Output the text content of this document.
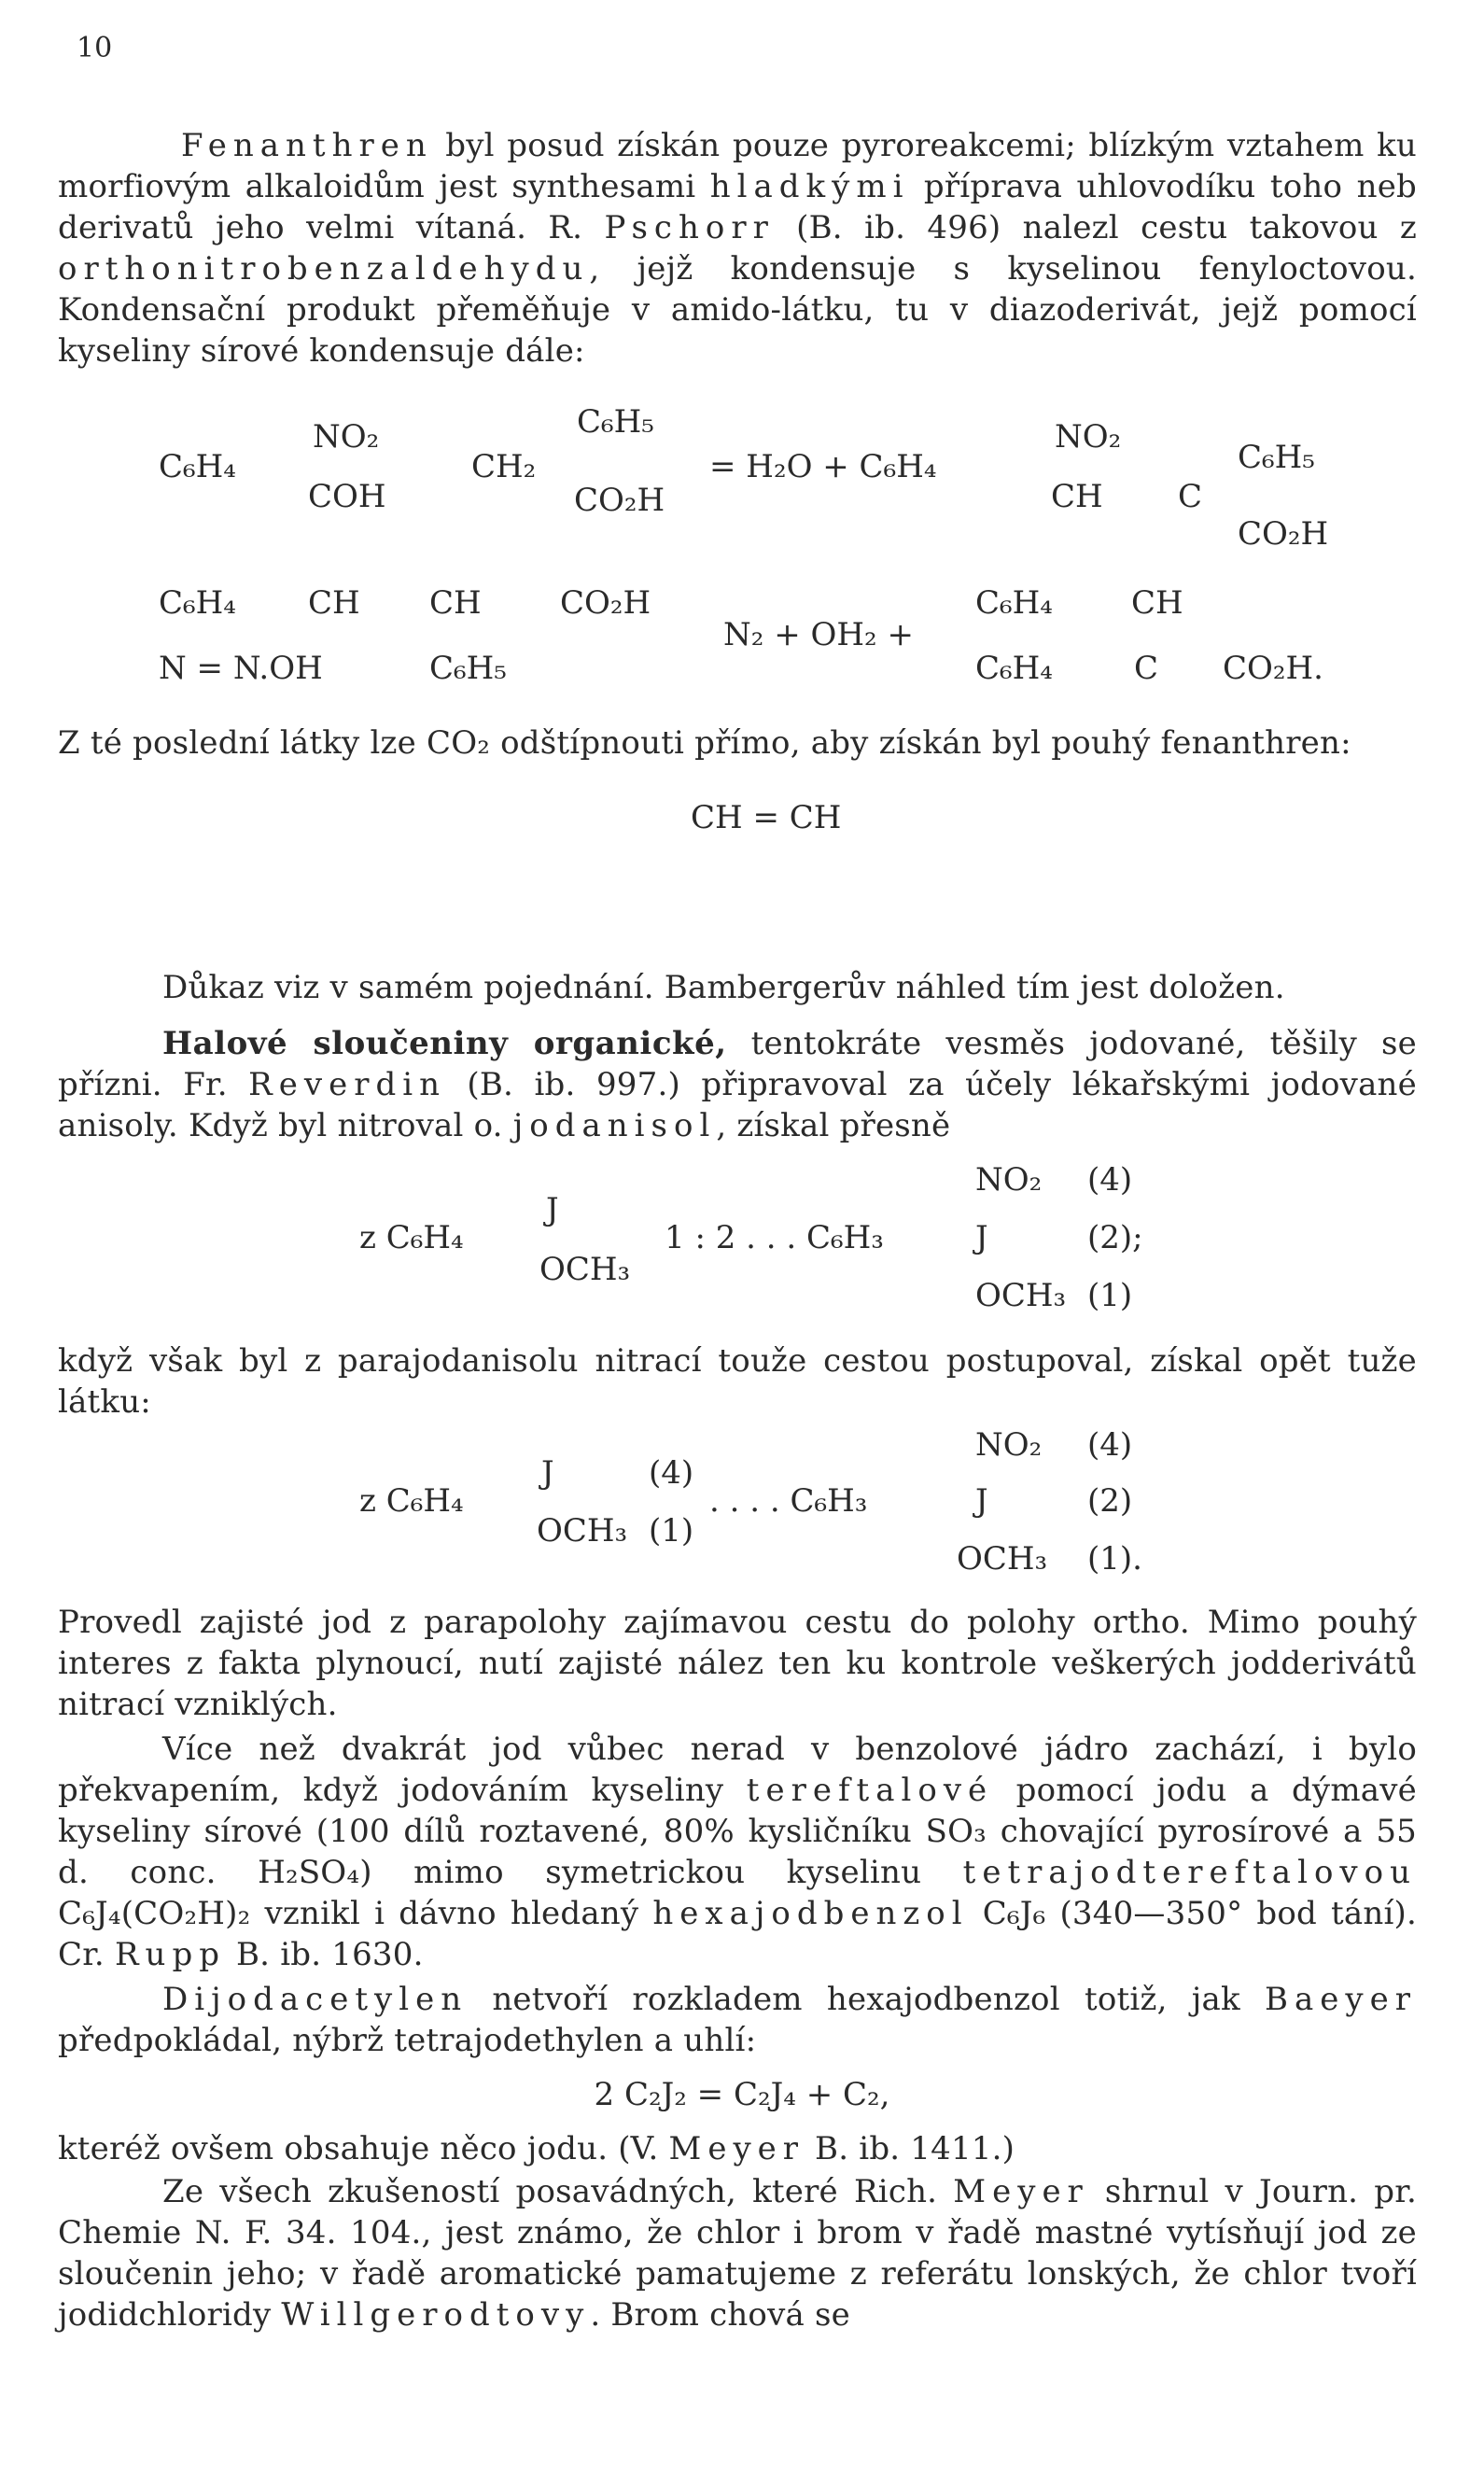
10

Fenanthren byl posud získán pouze pyroreakcemi; blízkým vztahem ku morfiovým alkaloidům jest synthesami hladkými příprava uhlovodíku toho neb derivatů jeho velmi vítaná. R. Pschorr (B. ib. 496) nalezl cestu takovou z orthonitrobenzaldehydu, jejž kondensuje s kyselinou fenyloctovou. Kondensační produkt přeměňuje v amido-látku, tu v diazoderivát, jejž pomocí kyseliny sírové kondensuje dále:

C₆H₄
NO₂
COH
CH₂
C₆H₅
CO₂H
= H₂O + C₆H₄
NO₂
CH C
C₆H₅
CO₂H
C₆H₄ CH CH CO₂H
N = N.OH	C₆H₅
N₂ + OH₂ +
C₆H₄ CH
C₆H₄	C CO₂H.

Z té poslední látky lze CO₂ odštípnouti přímo, aby získán byl pouhý fenanthren:

CH = CH

Důkaz viz v samém pojednání. Bambergerův náhled tím jest doložen.

Halové sloučeniny organické, tentokráte vesměs jodované, těšily se přízni. Fr. Reverdin (B. ib. 997.) připravoval za účely lékařskými jodované anisoly. Když byl nitroval o. jodanisol, získal přesně

z C₆H₄
J
OCH₃
1 : 2 . . . C₆H₃
NO₂ (4)
J	(2);
OCH₃ (1)

když však byl z parajodanisolu nitrací touže cestou postupoval, získal opět tuže látku:

z C₆H₄
J	(4)
OCH₃ (1)
. . . . C₆H₃
NO₂ (4)
J	(2)
OCH₃ (1).

Provedl zajisté jod z parapolohy zajímavou cestu do polohy ortho. Mimo pouhý interes z fakta plynoucí, nutí zajisté nález ten ku kontrole veškerých jodderivátů nitrací vzniklých.

Více než dvakrát jod vůbec nerad v benzolové jádro zachází, i bylo překvapením, když jodováním kyseliny tereftalové pomocí jodu a dýmavé kyseliny sírové (100 dílů roztavené, 80% kysličníku SO₃ chovající pyrosírové a 55 d. conc. H₂SO₄) mimo symetrickou kyselinu tetrajodtereftalovou C₆J₄(CO₂H)₂ vznikl i dávno hledaný hexajodbenzol C₆J₆ (340—350° bod tání). Cr. Rupp B. ib. 1630.

Dijodacetylen netvoří rozkladem hexajodbenzol totiž, jak Baeyer předpokládal, nýbrž tetrajodethylen a uhlí:

2 C₂J₂ = C₂J₄ + C₂,

kteréž ovšem obsahuje něco jodu. (V. Meyer B. ib. 1411.)

Ze všech zkušeností posavádných, které Rich. Meyer shrnul v Journ. pr. Chemie N. F. 34. 104., jest známo, že chlor i brom v řadě mastné vytísňují jod ze sloučenin jeho; v řadě aromatické pamatujeme z referátu lonských, že chlor tvoří jodidchloridy Willgerodtovy. Brom chová se
